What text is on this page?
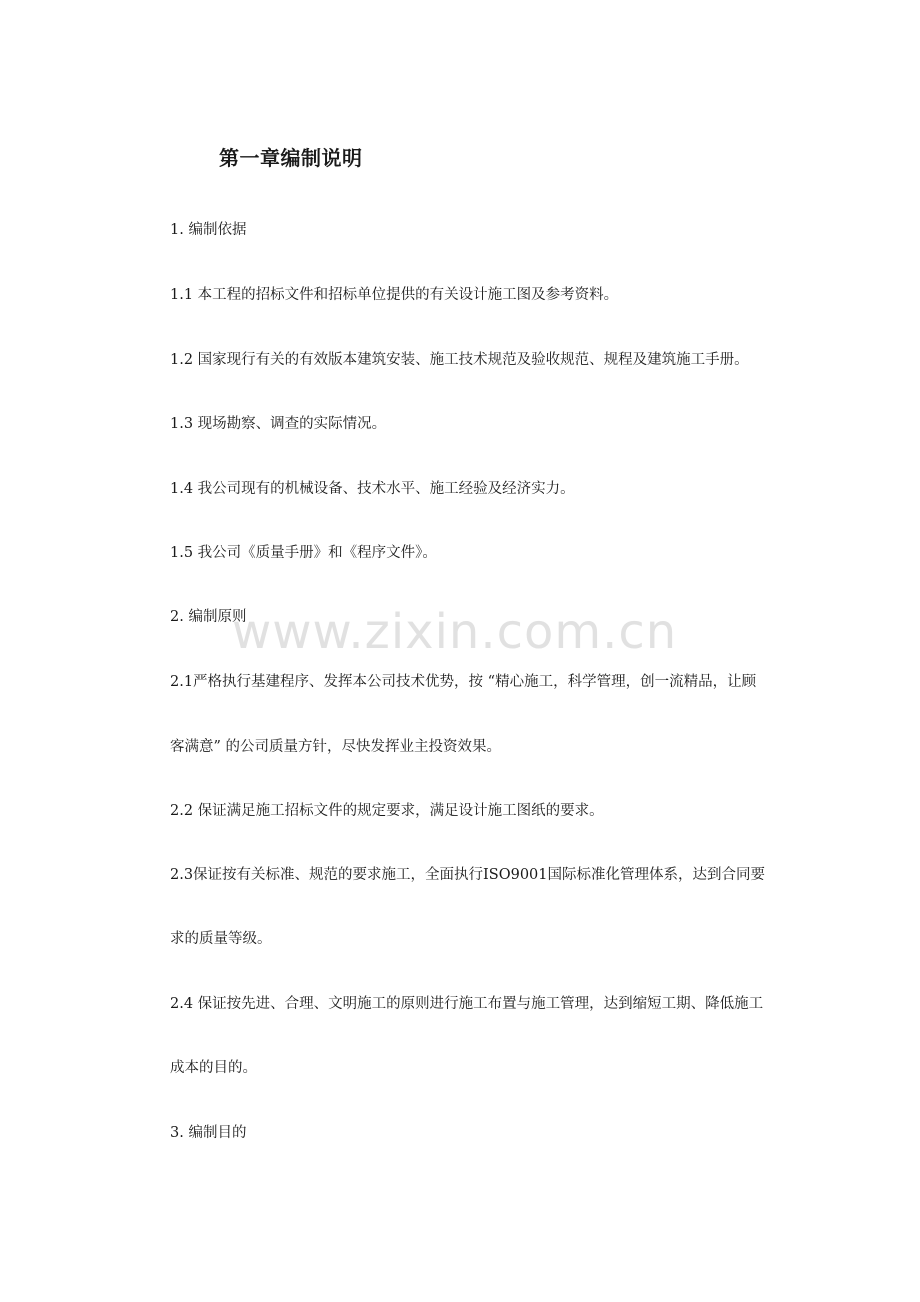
第一章编制说明
1. 编制依据
1.1 本工程的招标文件和招标单位提供的有关设计施工图及参考资料。
1.2 国家现行有关的有效版本建筑安装、施工技术规范及验收规范、规程及建筑施工手册。
1.3 现场勘察、调查的实际情况。
1.4 我公司现有的机械设备、技术水平、施工经验及经济实力。
1.5 我公司《质量手册》和《程序文件》。
2. 编制原则
2.1严格执行基建程序、发挥本公司技术优势，按 “精心施工，科学管理，创一流精品，让顾
客满意” 的公司质量方针，尽快发挥业主投资效果。
2.2 保证满足施工招标文件的规定要求，满足设计施工图纸的要求。
2.3保证按有关标准、规范的要求施工，全面执行ISO9001国际标准化管理体系，达到合同要
求的质量等级。
2.4 保证按先进、合理、文明施工的原则进行施工布置与施工管理，达到缩短工期、降低施工
成本的目的。
3. 编制目的
www.zixin.com.cn
